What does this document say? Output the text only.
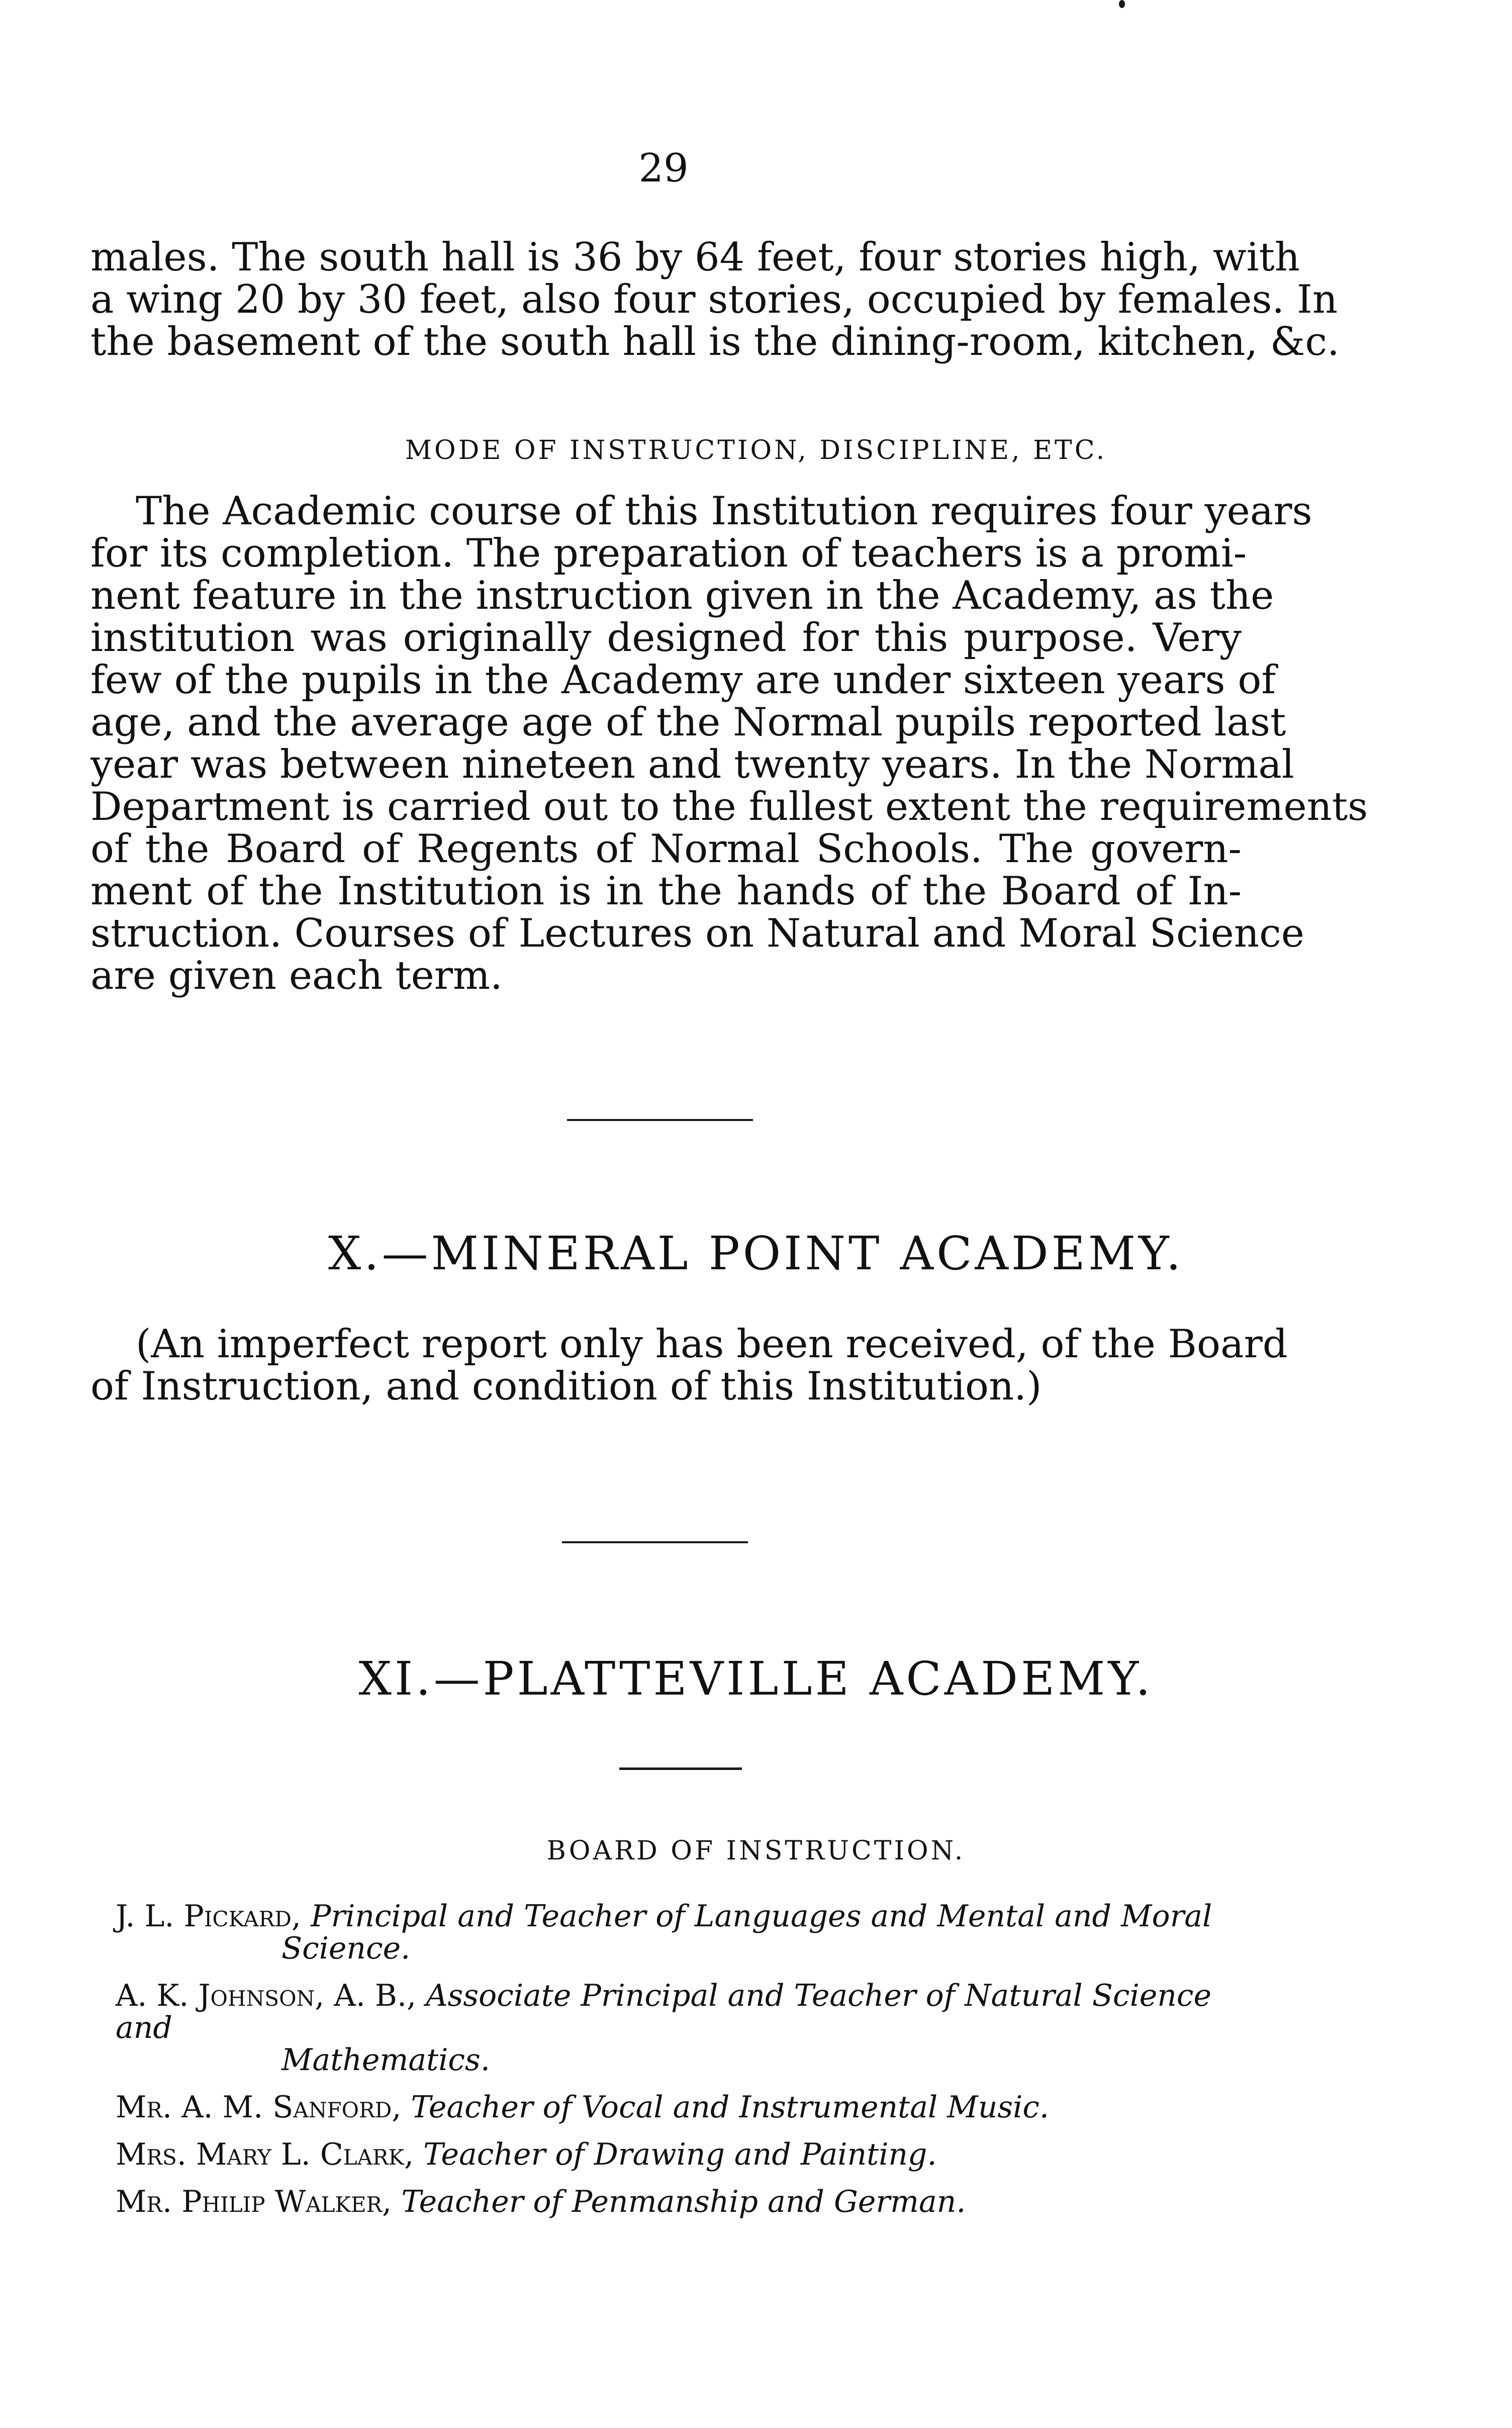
29
males. The south hall is 36 by 64 feet, four stories high, with
a wing 20 by 30 feet, also four stories, occupied by females. In
the basement of the south hall is the dining-room, kitchen, &c.
MODE OF INSTRUCTION, DISCIPLINE, ETC.
The Academic course of this Institution requires four years
for its completion. The preparation of teachers is a promi-
nent feature in the instruction given in the Academy, as the
institution was originally designed for this purpose. Very
few of the pupils in the Academy are under sixteen years of
age, and the average age of the Normal pupils reported last
year was between nineteen and twenty years. In the Normal
Department is carried out to the fullest extent the requirements
of the Board of Regents of Normal Schools. The govern-
ment of the Institution is in the hands of the Board of In-
struction. Courses of Lectures on Natural and Moral Science
are given each term.
X.—MINERAL POINT ACADEMY.
(An imperfect report only has been received, of the Board
of Instruction, and condition of this Institution.)
XI.—PLATTEVILLE ACADEMY.
BOARD OF INSTRUCTION.
J. L. Pickard, Principal and Teacher of Languages and Mental and Moral
Science.
A. K. Johnson, A. B., Associate Principal and Teacher of Natural Science and
Mathematics.
Mr. A. M. Sanford, Teacher of Vocal and Instrumental Music.
Mrs. Mary L. Clark, Teacher of Drawing and Painting.
Mr. Philip Walker, Teacher of Penmanship and German.
